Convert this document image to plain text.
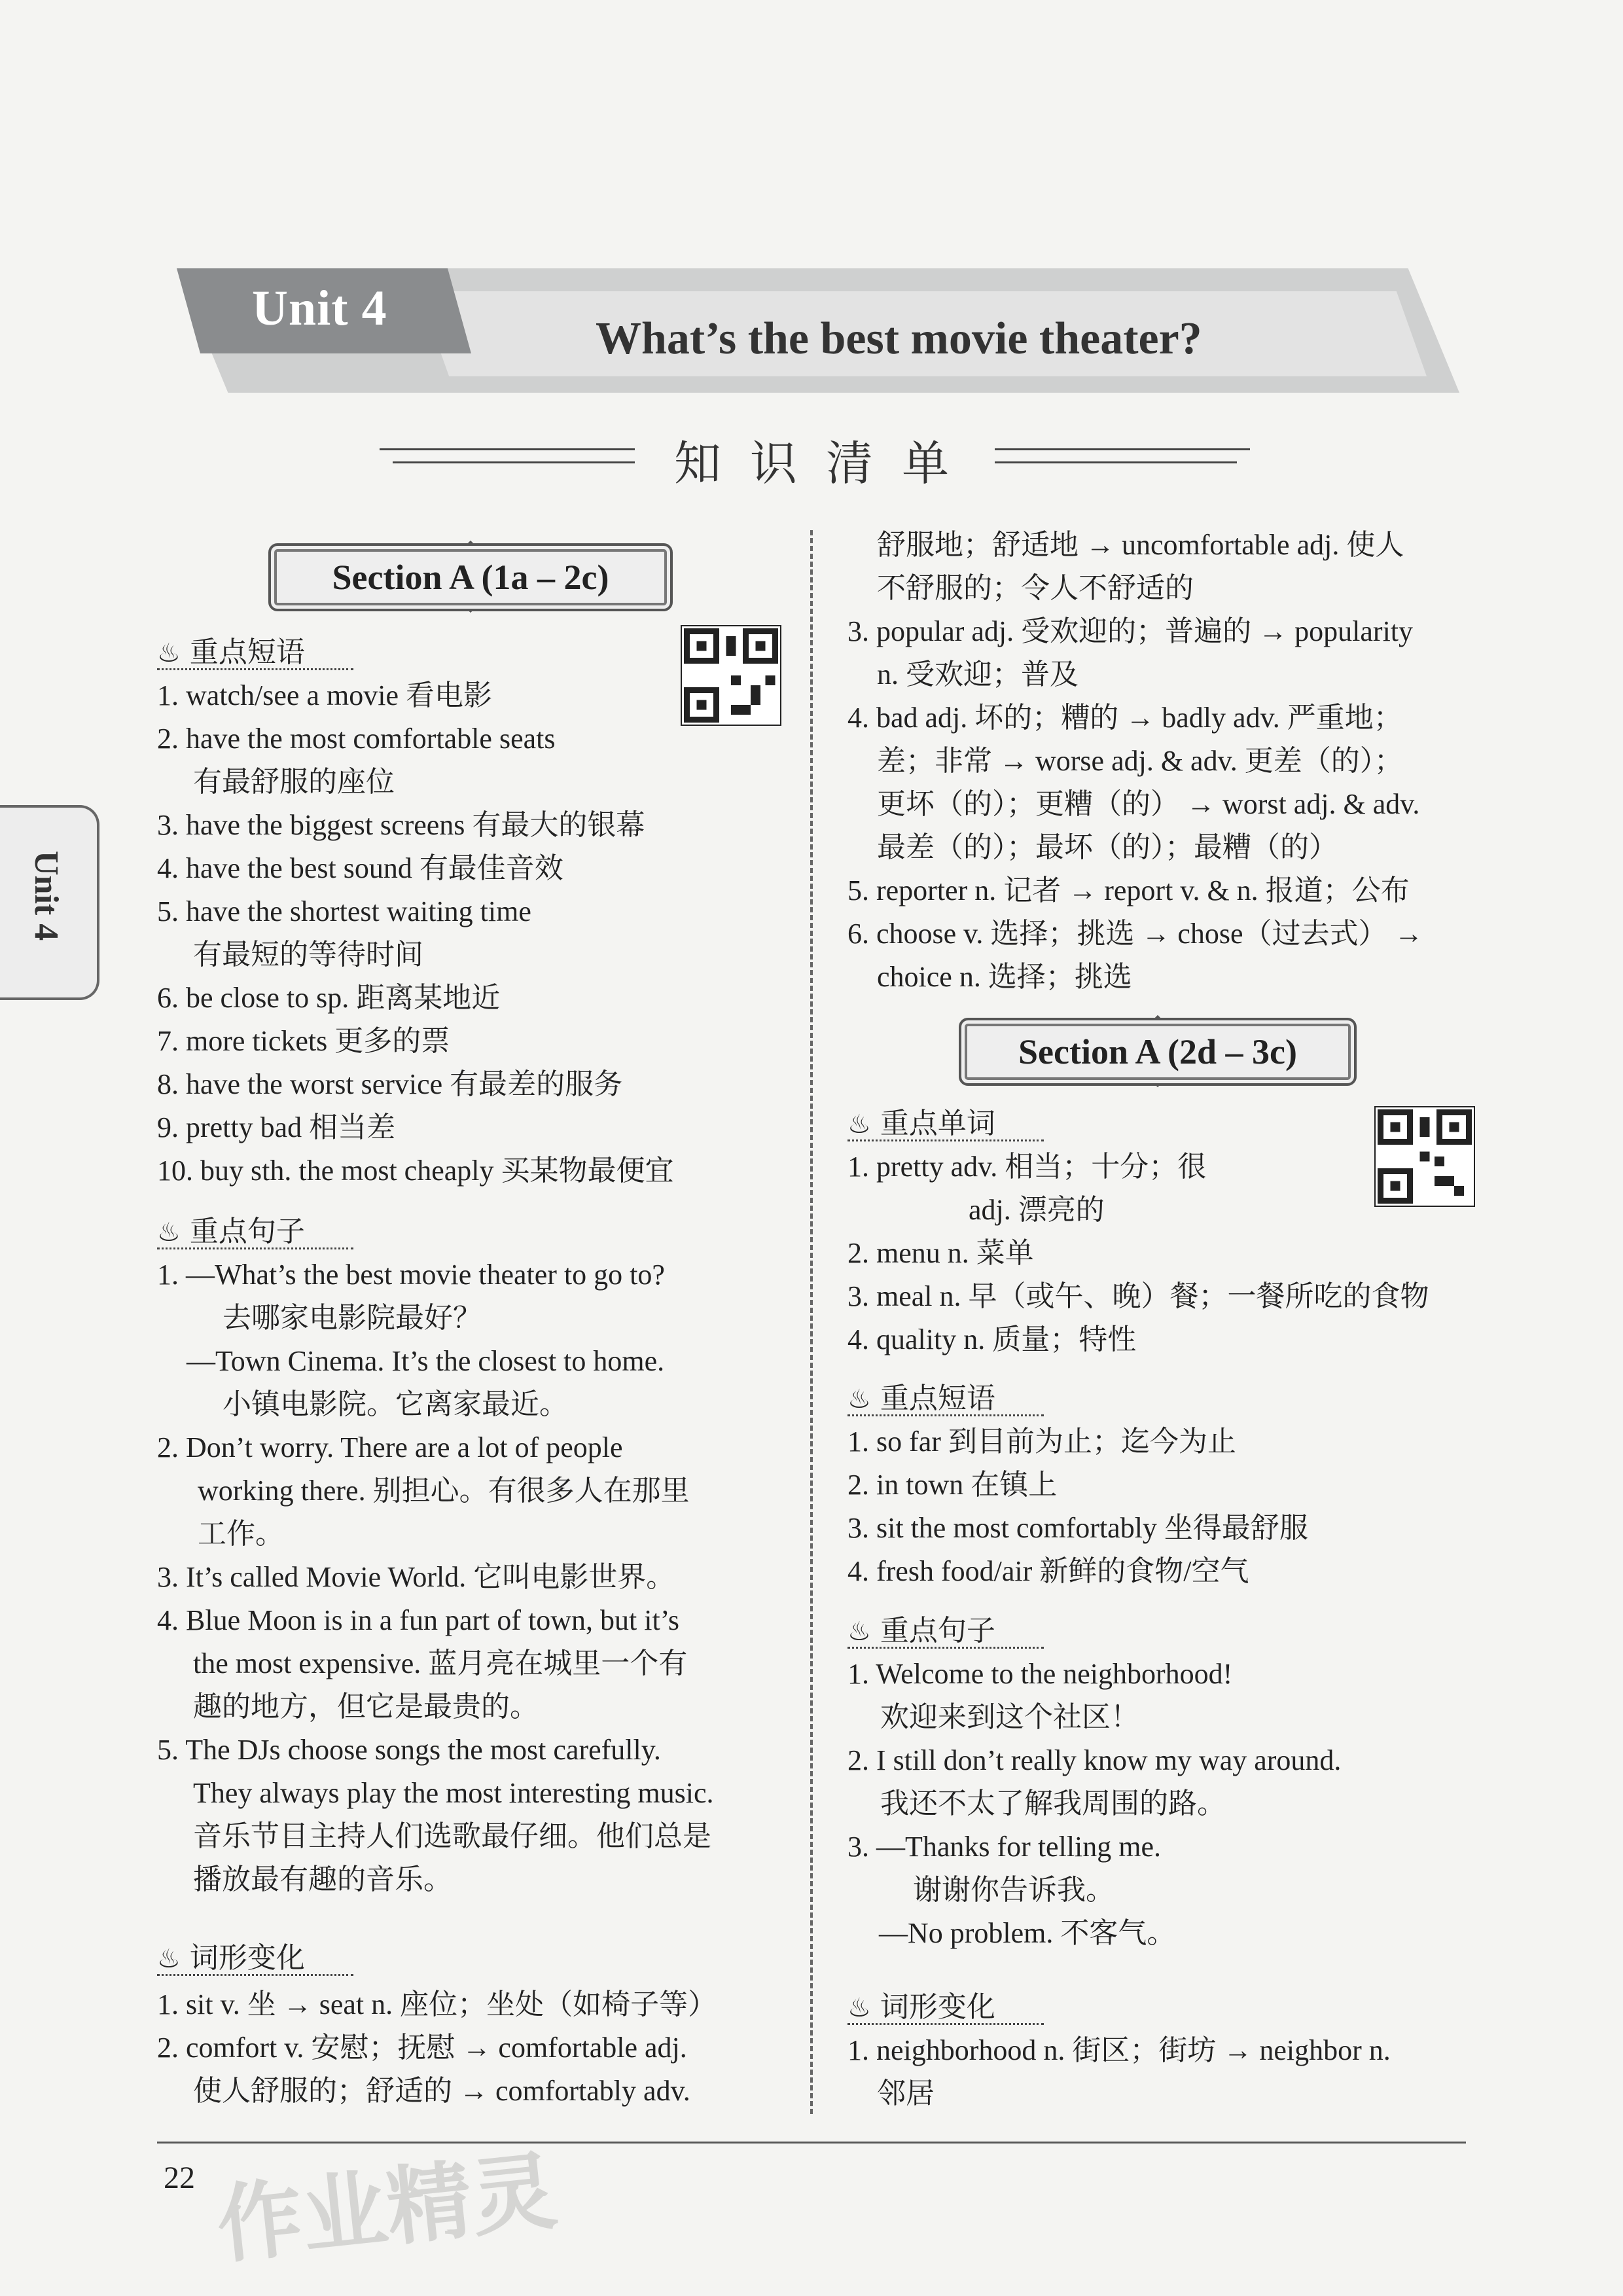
Unit 4
What’s the best movie theater?
知识清单
Unit 4
Section A (1a – 2c)
♨ 重点短语
1. watch/see a movie 看电影
2. have the most comfortable seats
有最舒服的座位
3. have the biggest screens 有最大的银幕
4. have the best sound 有最佳音效
5. have the shortest waiting time
有最短的等待时间
6. be close to sp. 距离某地近
7. more tickets 更多的票
8. have the worst service 有最差的服务
9. pretty bad 相当差
10. buy sth. the most cheaply 买某物最便宜
♨ 重点句子
1. —What’s the best movie theater to go to?
去哪家电影院最好？
—Town Cinema. It’s the closest to home.
小镇电影院。它离家最近。
2. Don’t worry. There are a lot of people
working there. 别担心。有很多人在那里
工作。
3. It’s called Movie World. 它叫电影世界。
4. Blue Moon is in a fun part of town, but it’s
the most expensive. 蓝月亮在城里一个有
趣的地方，但它是最贵的。
5. The DJs choose songs the most carefully.
They always play the most interesting music.
音乐节目主持人们选歌最仔细。他们总是
播放最有趣的音乐。
♨ 词形变化
1. sit v. 坐 → seat n. 座位；坐处（如椅子等）
2. comfort v. 安慰；抚慰 → comfortable adj.
使人舒服的；舒适的 → comfortably adv.
舒服地；舒适地 → uncomfortable adj. 使人
不舒服的；令人不舒适的
3. popular adj. 受欢迎的；普遍的 → popularity
n. 受欢迎；普及
4. bad adj. 坏的；糟的 → badly adv. 严重地；
差；非常 → worse adj. & adv. 更差（的）；
更坏（的）；更糟（的） → worst adj. & adv.
最差（的）；最坏（的）；最糟（的）
5. reporter n. 记者 → report v. & n. 报道；公布
6. choose v. 选择；挑选 → chose（过去式） →
choice n. 选择；挑选
Section A (2d – 3c)
♨ 重点单词
1. pretty adv. 相当；十分；很
adj. 漂亮的
2. menu n. 菜单
3. meal n. 早（或午、晚）餐；一餐所吃的食物
4. quality n. 质量；特性
♨ 重点短语
1. so far 到目前为止；迄今为止
2. in town 在镇上
3. sit the most comfortably 坐得最舒服
4. fresh food/air 新鲜的食物/空气
♨ 重点句子
1. Welcome to the neighborhood!
欢迎来到这个社区！
2. I still don’t really know my way around.
我还不太了解我周围的路。
3. —Thanks for telling me.
谢谢你告诉我。
—No problem. 不客气。
♨ 词形变化
1. neighborhood n. 街区；街坊 → neighbor n.
邻居
22 作业精灵
